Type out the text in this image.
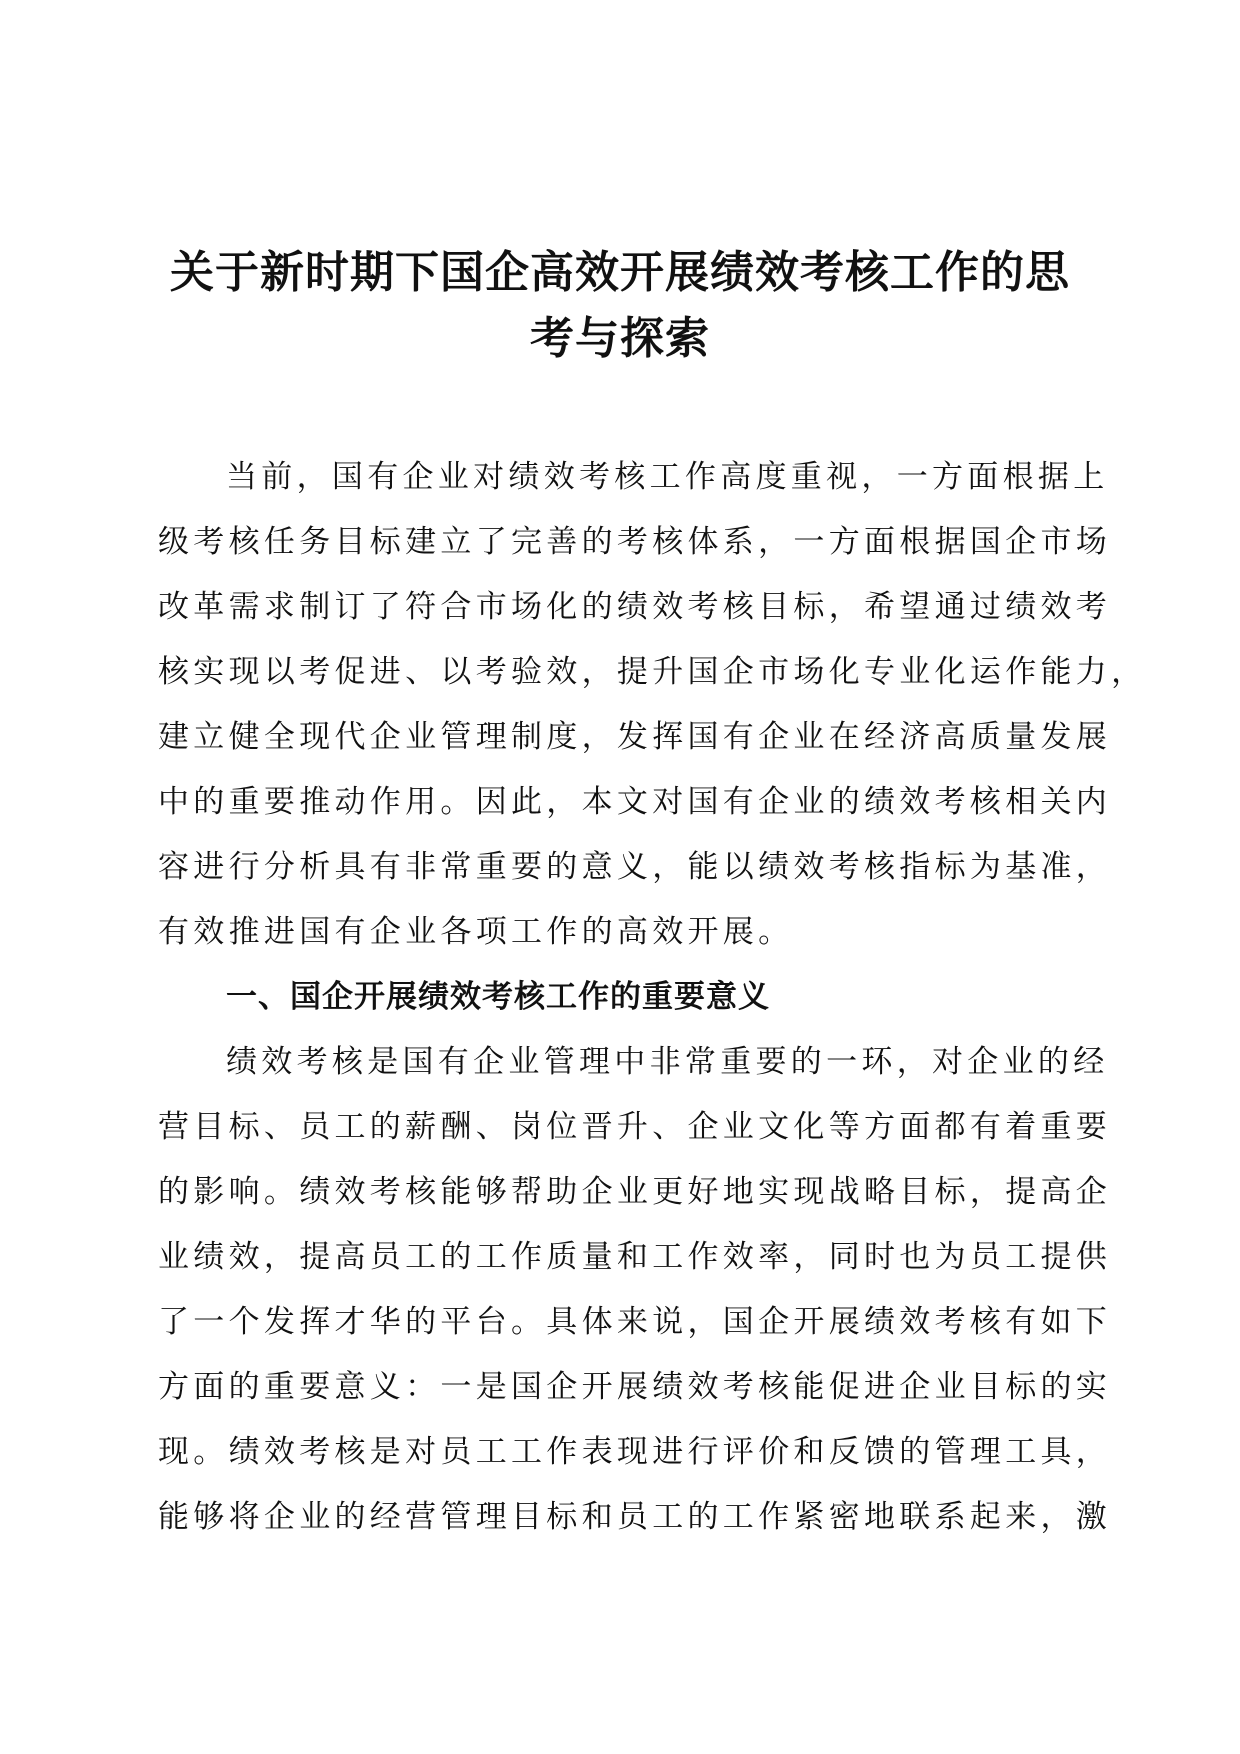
关于新时期下国企高效开展绩效考核工作的思
考与探索
当前，国有企业对绩效考核工作高度重视，一方面根据上
级考核任务目标建立了完善的考核体系，一方面根据国企市场
改革需求制订了符合市场化的绩效考核目标，希望通过绩效考
核实现以考促进、以考验效，提升国企市场化专业化运作能力，
建立健全现代企业管理制度，发挥国有企业在经济高质量发展
中的重要推动作用。因此，本文对国有企业的绩效考核相关内
容进行分析具有非常重要的意义，能以绩效考核指标为基准，
有效推进国有企业各项工作的高效开展。
一、国企开展绩效考核工作的重要意义
绩效考核是国有企业管理中非常重要的一环，对企业的经
营目标、员工的薪酬、岗位晋升、企业文化等方面都有着重要
的影响。绩效考核能够帮助企业更好地实现战略目标，提高企
业绩效，提高员工的工作质量和工作效率，同时也为员工提供
了一个发挥才华的平台。具体来说，国企开展绩效考核有如下
方面的重要意义：一是国企开展绩效考核能促进企业目标的实
现。绩效考核是对员工工作表现进行评价和反馈的管理工具，
能够将企业的经营管理目标和员工的工作紧密地联系起来，激
